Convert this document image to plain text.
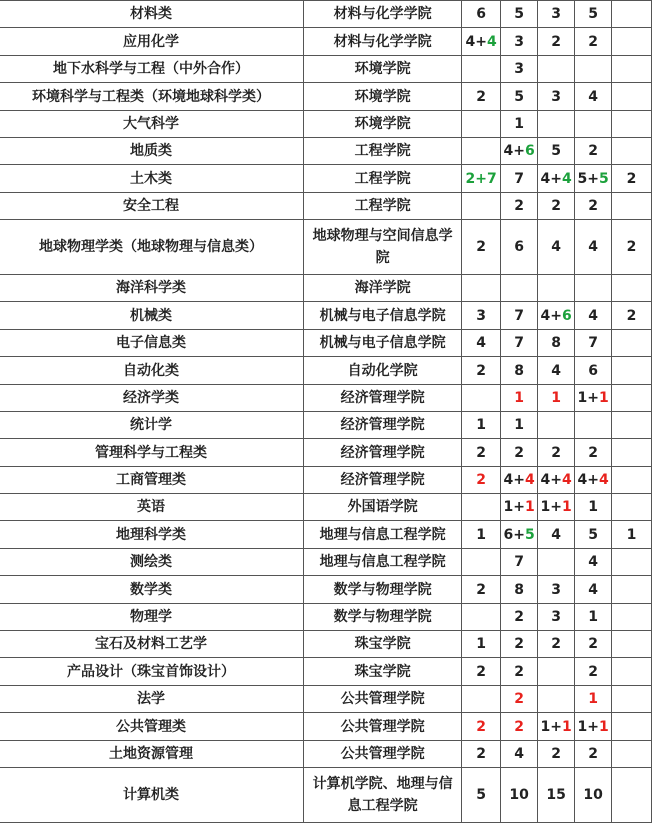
材料类	材料与化学学院	6	5	3	5	
应用化学	材料与化学学院	4+4	3	2	2	
地下水科学与工程（中外合作）	环境学院		3			
环境科学与工程类（环境地球科学类）	环境学院	2	5	3	4	
大气科学	环境学院		1			
地质类	工程学院		4+6	5	2	
土木类	工程学院	2+7	7	4+4	5+5	2
安全工程	工程学院		2	2	2	
地球物理学类（地球物理与信息类）	地球物理与空间信息学院	2	6	4	4	2
海洋科学类	海洋学院					
机械类	机械与电子信息学院	3	7	4+6	4	2
电子信息类	机械与电子信息学院	4	7	8	7	
自动化类	自动化学院	2	8	4	6	
经济学类	经济管理学院		1	1	1+1	
统计学	经济管理学院	1	1			
管理科学与工程类	经济管理学院	2	2	2	2	
工商管理类	经济管理学院	2	4+4	4+4	4+4	
英语	外国语学院		1+1	1+1	1	
地理科学类	地理与信息工程学院	1	6+5	4	5	1
测绘类	地理与信息工程学院		7		4	
数学类	数学与物理学院	2	8	3	4	
物理学	数学与物理学院		2	3	1	
宝石及材料工艺学	珠宝学院	1	2	2	2	
产品设计（珠宝首饰设计）	珠宝学院	2	2		2	
法学	公共管理学院		2		1	
公共管理类	公共管理学院	2	2	1+1	1+1	
土地资源管理	公共管理学院	2	4	2	2	
计算机类	计算机学院、地理与信息工程学院	5	10	15	10	
